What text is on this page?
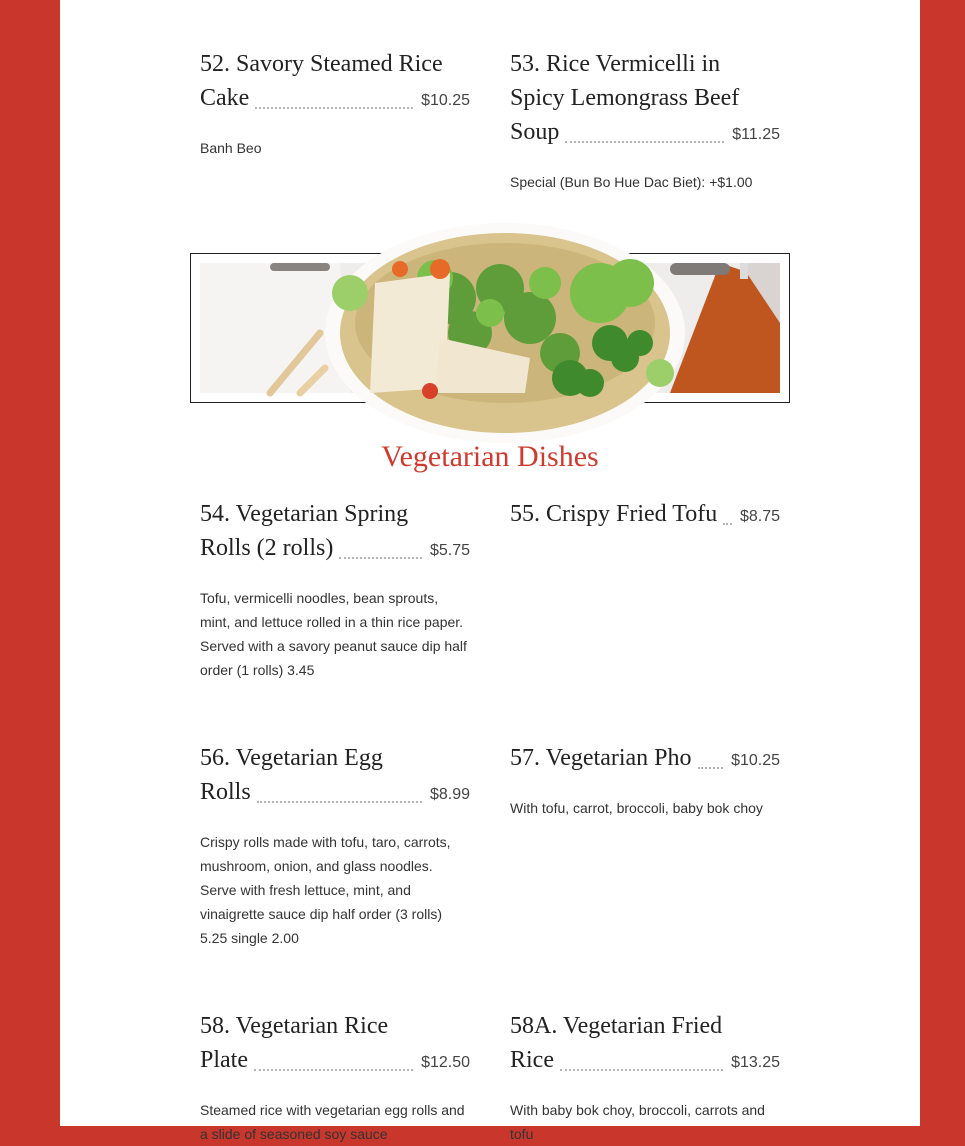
52. Savory Steamed Rice
Cake	$10.25
Banh Beo
53. Rice Vermicelli in
Spicy Lemongrass Beef
Soup	$11.25
Special (Bun Bo Hue Dac Biet): +$1.00
Vegetarian Dishes
54. Vegetarian Spring
Rolls (2 rolls)	$5.75
Tofu, vermicelli noodles, bean sprouts, mint, and lettuce rolled in a thin rice paper. Served with a savory peanut sauce dip half order (1 rolls) 3.45
55. Crispy Fried Tofu $8.75
56. Vegetarian Egg
Rolls	$8.99
Crispy rolls made with tofu, taro, carrots, mushroom, onion, and glass noodles. Serve with fresh lettuce, mint, and vinaigrette sauce dip half order (3 rolls) 5.25 single 2.00
57. Vegetarian Pho $10.25
With tofu, carrot, broccoli, baby bok choy
58. Vegetarian Rice
Plate	$12.50
Steamed rice with vegetarian egg rolls and a slide of seasoned soy sauce
58A. Vegetarian Fried
Rice	$13.25
With baby bok choy, broccoli, carrots and tofu
